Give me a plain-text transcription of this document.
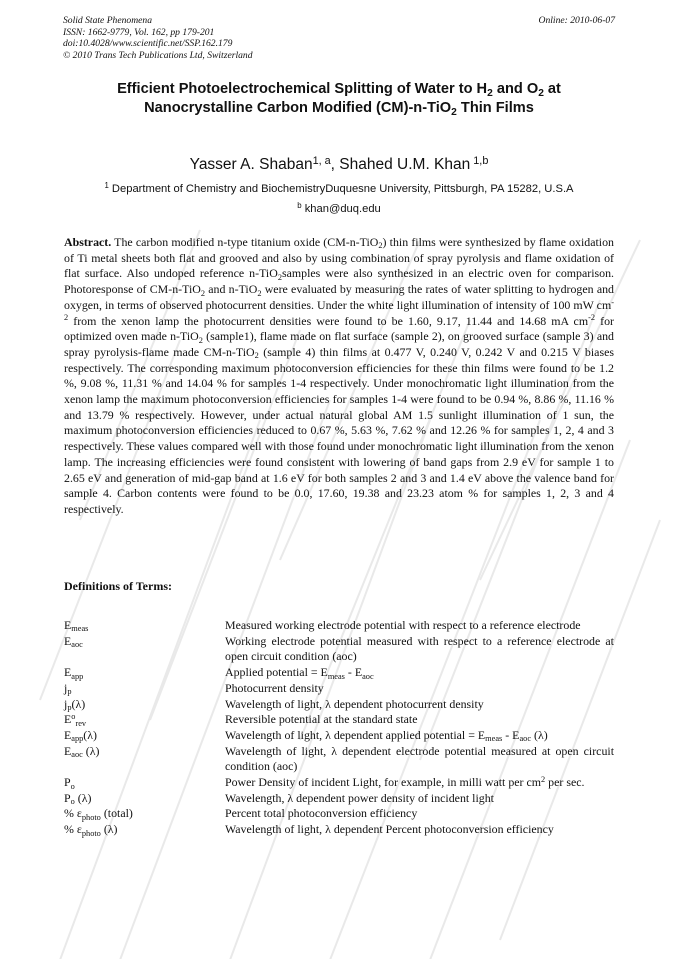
Solid State Phenomena
ISSN: 1662-9779, Vol. 162, pp 179-201
doi:10.4028/www.scientific.net/SSP.162.179
© 2010 Trans Tech Publications Ltd, Switzerland
Online: 2010-06-07
Efficient Photoelectrochemical Splitting of Water to $H_2$ and $O_2$ at
Nanocrystalline Carbon Modified (CM)-n-TiO$_2$ Thin Films
Yasser A. Shaban$^{1, a}$, Shahed U.M. Khan $^{1,b}$
$^1$ Department of Chemistry and BiochemistryDuquesne University, Pittsburgh, PA 15282, U.S.A
$^b$ khan@duq.edu
Abstract. The carbon modified n-type titanium oxide (CM-n-TiO$_2$) thin films were synthesized by flame oxidation of Ti metal sheets both flat and grooved and also by using combination of spray pyrolysis and flame oxidation of flat surface. Also undoped reference n-TiO$_2$samples were also synthesized in an electric oven for comparison. Photoresponse of CM-n-TiO$_2$ and n-TiO$_2$ were evaluated by measuring the rates of water splitting to hydrogen and oxygen, in terms of observed photocurrent densities. Under the white light illumination of intensity of 100 mW $cm^{-2}$ from the xenon lamp the photocurrent densities were found to be 1.60, 9.17, 11.44 and 14.68 mA $cm^{-2}$ for optimized oven made n-TiO$_2$ (sample1), flame made on flat surface (sample 2), on grooved surface (sample 3) and spray pyrolysis-flame made CM-n-TiO$_2$ (sample 4) thin films at 0.477 V, 0.240 V, 0.242 V and 0.215 V biases respectively. The corresponding maximum photoconversion efficiencies for these thin films were found to be 1.2 %, 9.08 %, 11.31 % and 14.04 % for samples 1-4 respectively. Under monochromatic light illumination from the xenon lamp the maximum photoconversion efficiencies for samples 1-4 were found to be 0.94 %, 8.86 %, 11.16 % and 13.79 % respectively. However, under actual natural global AM 1.5 sunlight illumination of 1 sun, the maximum photoconversion efficiencies reduced to 0.67 %, 5.63 %, 7.62 % and 12.26 % for samples 1, 2, 4 and 3 respectively. These values compared well with those found under monochromatic light illumination from the xenon lamp. The increasing efficiencies were found consistent with lowering of band gaps from 2.9 eV for sample 1 to 2.65 eV and generation of mid-gap band at 1.6 eV for both samples 2 and 3 and 1.4 eV above the valence band for sample 4. Carbon contents were found to be 0.0, 17.60, 19.38 and 23.23 atom % for samples 1, 2, 3 and 4 respectively.
Definitions of Terms:
$E_{meas}$	Measured working electrode potential with respect to a reference electrode
$E_{aoc}$	Working electrode potential measured with respect to a reference electrode at open circuit condition (aoc)
$E_{app}$	Applied potential = $E_{meas} - E_{aoc}$
$j_p$	Photocurrent density
$j_p(\lambda)$	Wavelength of light, λ dependent photocurrent density
$E^o_{rev}$	Reversible potential at the standard state
$E_{app}(\lambda)$	Wavelength of light, λ dependent applied potential = $E_{meas} - E_{aoc}$ (λ)
$E_{aoc}$ (λ)	Wavelength of light, λ dependent electrode potential measured at open circuit condition (aoc)
$P_o$	Power Density of incident Light, for example, in milli watt per $cm^2$ per sec.
$P_o$ (λ)	Wavelength, λ dependent power density of incident light
% $\varepsilon_{photo}$ (total)	Percent total photoconversion efficiency
% $\varepsilon_{photo}$ (λ)	Wavelength of light, λ dependent Percent photoconversion efficiency
